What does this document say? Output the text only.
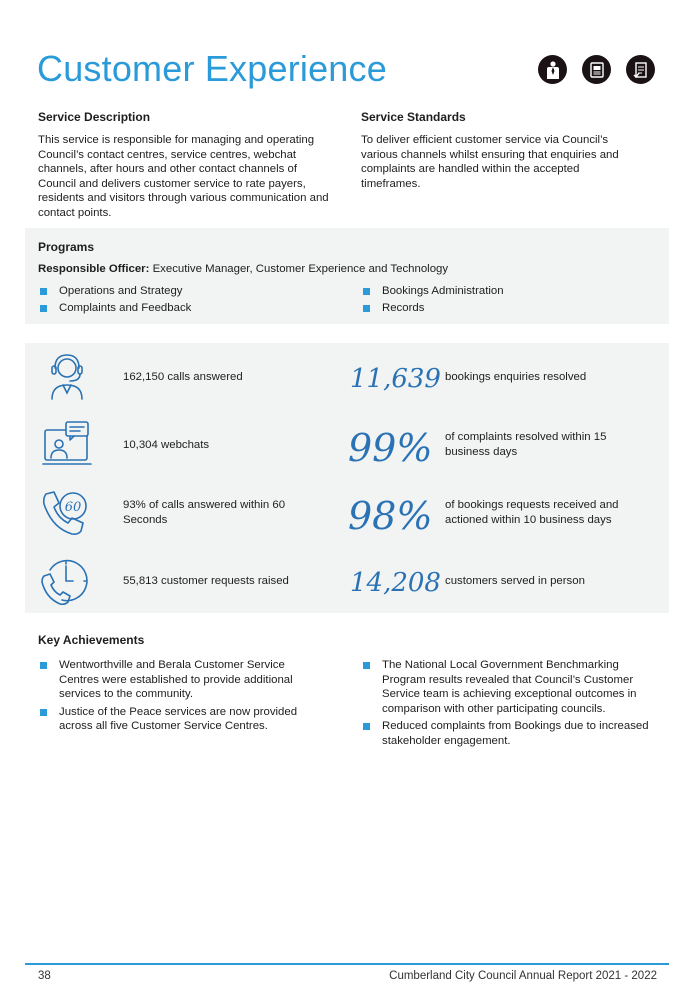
Customer Experience

Service Description

This service is responsible for managing and operating Council’s contact centres, service centres, webchat channels, after hours and other contact channels of Council and delivers customer service to rate payers, residents and visitors through various communication and contact points.

Service Standards

To deliver efficient customer service via Council’s various channels whilst ensuring that enquiries and complaints are handled within the accepted timeframes.

Programs

Responsible Officer: Executive Manager, Customer Experience and Technology
Operations and Strategy
Complaints and Feedback
Bookings Administration
Records
162,150 calls answered
10,304 webchats
60	93% of calls answered within 60 Seconds
55,813 customer requests raised
11,639 bookings enquiries resolved
99% of complaints resolved within 15 business days
98% of bookings requests received and actioned within 10 business days
14,208 customers served in person

Key Achievements

Wentworthville and Berala Customer Service Centres were established to provide additional services to the community.
Justice of the Peace services are now provided across all five Customer Service Centres.
The National Local Government Benchmarking Program results revealed that Council’s Customer Service team is achieving exceptional outcomes in comparison with other participating councils.
Reduced complaints from Bookings due to increased stakeholder engagement.
38	Cumberland City Council Annual Report 2021 - 2022
